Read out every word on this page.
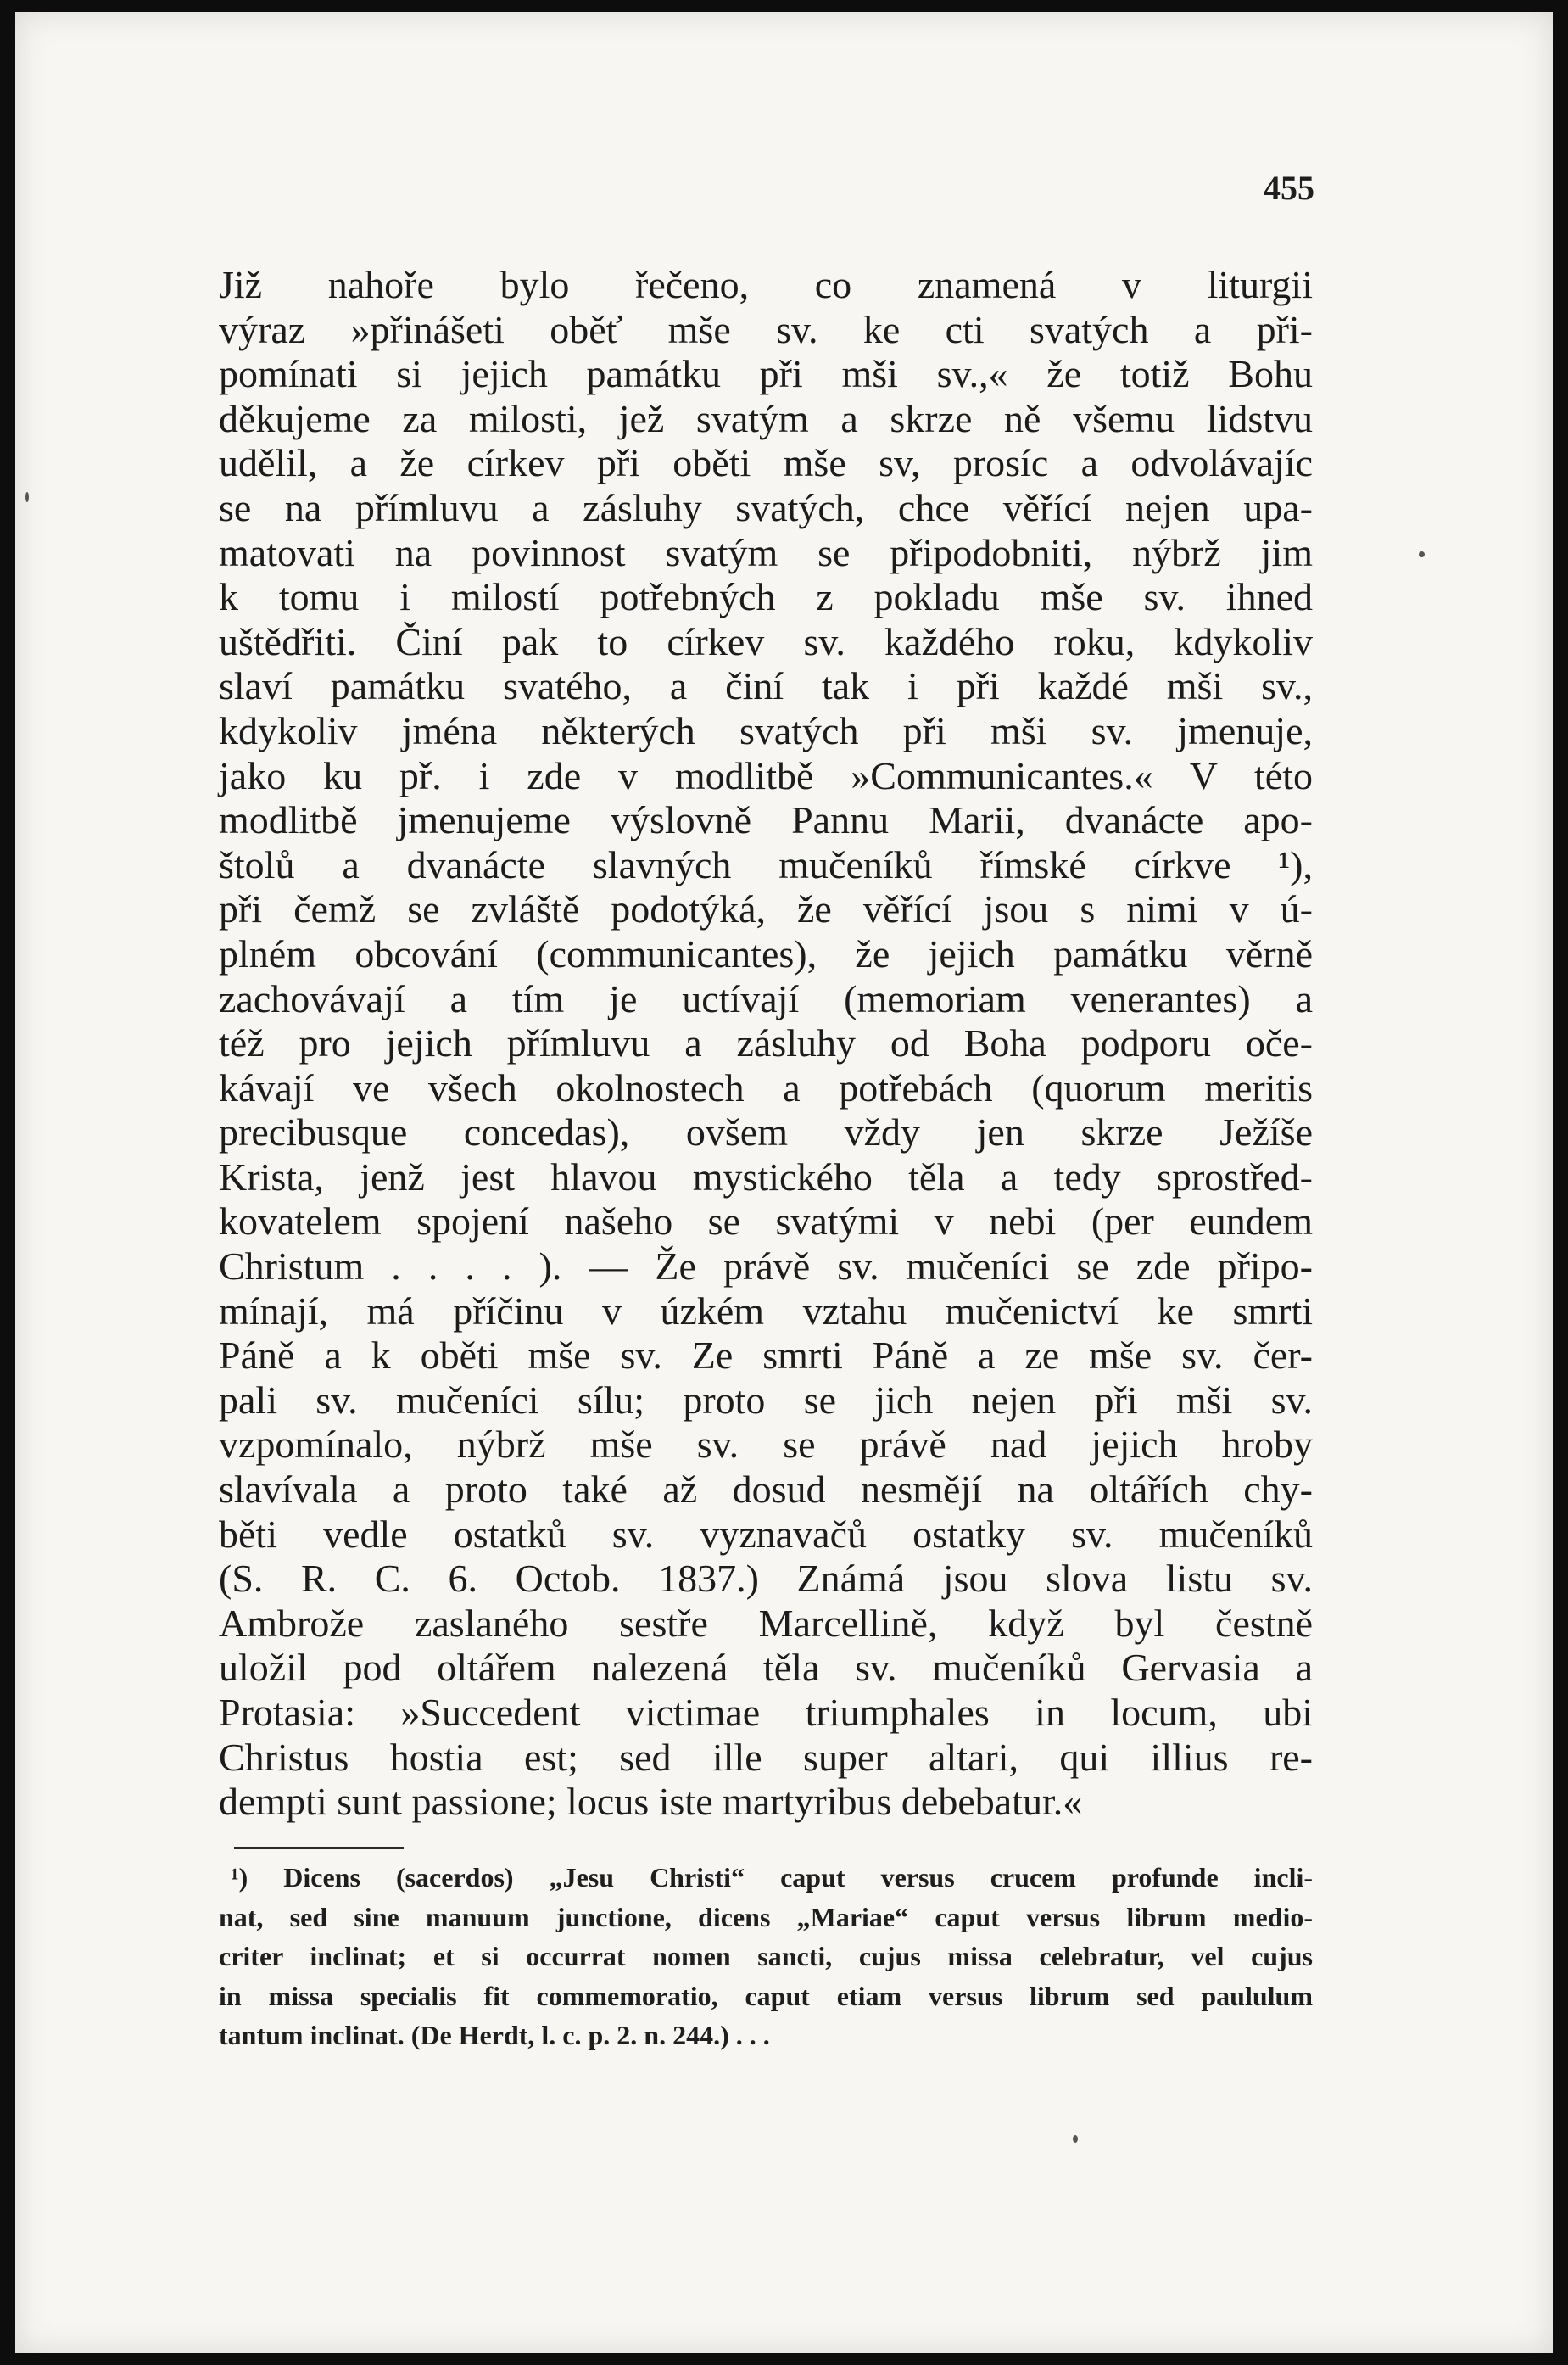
455
Již nahoře bylo řečeno, co znamená v liturgii
výraz »přinášeti oběť mše sv. ke cti svatých a při-
pomínati si jejich památku při mši sv.,« že totiž Bohu
děkujeme za milosti, jež svatým a skrze ně všemu lidstvu
udělil, a že církev při oběti mše sv, prosíc a odvolávajíc
se na přímluvu a zásluhy svatých, chce věřící nejen upa-
matovati na povinnost svatým se připodobniti, nýbrž jim
k tomu i milostí potřebných z pokladu mše sv. ihned
uštědřiti. Činí pak to církev sv. každého roku, kdykoliv
slaví památku svatého, a činí tak i při každé mši sv.,
kdykoliv jména některých svatých při mši sv. jmenuje,
jako ku př. i zde v modlitbě »Communicantes.« V této
modlitbě jmenujeme výslovně Pannu Marii, dvanácte apo-
štolů a dvanácte slavných mučeníků římské církve ¹),
při čemž se zvláště podotýká, že věřící jsou s nimi v ú-
plném obcování (communicantes), že jejich památku věrně
zachovávají a tím je uctívají (memoriam venerantes) a
též pro jejich přímluvu a zásluhy od Boha podporu oče-
kávají ve všech okolnostech a potřebách (quorum meritis
precibusque concedas), ovšem vždy jen skrze Ježíše
Krista, jenž jest hlavou mystického těla a tedy sprostřed-
kovatelem spojení našeho se svatými v nebi (per eundem
Christum . . . . ). — Že právě sv. mučeníci se zde připo-
mínají, má příčinu v úzkém vztahu mučenictví ke smrti
Páně a k oběti mše sv. Ze smrti Páně a ze mše sv. čer-
pali sv. mučeníci sílu; proto se jich nejen při mši sv.
vzpomínalo, nýbrž mše sv. se právě nad jejich hroby
slavívala a proto také až dosud nesmějí na oltářích chy-
běti vedle ostatků sv. vyznavačů ostatky sv. mučeníků
(S. R. C. 6. Octob. 1837.) Známá jsou slova listu sv.
Ambrože zaslaného sestře Marcellině, když byl čestně
uložil pod oltářem nalezená těla sv. mučeníků Gervasia a
Protasia: »Succedent victimae triumphales in locum, ubi
Christus hostia est; sed ille super altari, qui illius re-
dempti sunt passione; locus iste martyribus debebatur.«
¹) Dicens (sacerdos) „Jesu Christi“ caput versus crucem profunde incli-
nat, sed sine manuum junctione, dicens „Mariae“ caput versus librum medio-
criter inclinat; et si occurrat nomen sancti, cujus missa celebratur, vel cujus
in missa specialis fit commemoratio, caput etiam versus librum sed paululum
tantum inclinat. (De Herdt, l. c. p. 2. n. 244.) . . .
